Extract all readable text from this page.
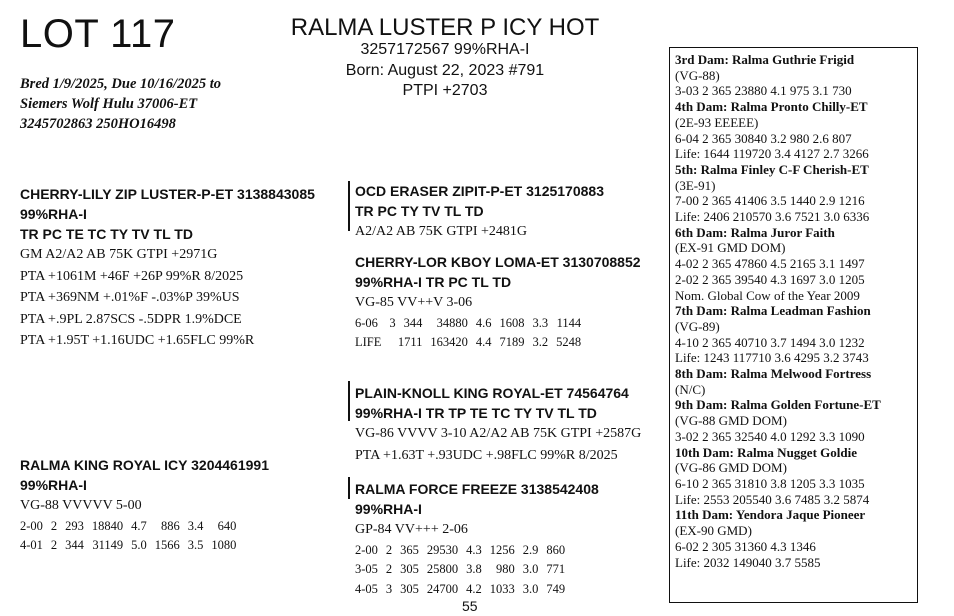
LOT 117	RALMA LUSTER P ICY HOT
3257172567 99%RHA-I
Born: August 22, 2023 #791
PTPI +2703
Bred 1/9/2025, Due 10/16/2025 to
Siemers Wolf Hulu 37006-ET
3245702863 250HO16498
CHERRY-LILY ZIP LUSTER-P-ET 3138843085
99%RHA-I
TR PC TE TC TY TV TL TD
GM A2/A2 AB 75K GTPI +2971G
PTA +1061M +46F +26P 99%R 8/2025
PTA +369NM +.01%F -.03%P 39%US
PTA +.9PL 2.87SCS -.5DPR 1.9%DCE
PTA +1.95T +1.16UDC +1.65FLC 99%R
OCD ERASER ZIPIT-P-ET 3125170883
TR PC TY TV TL TD
A2/A2 AB 75K GTPI +2481G
CHERRY-LOR KBOY LOMA-ET 3130708852
99%RHA-I TR PC TL TD
VG-85 VV++V 3-06
6-06	3	344	34880	4.6	1608	3.3	1144
LIFE	1711		163420	4.4	7189	3.2	5248
PLAIN-KNOLL KING ROYAL-ET 74564764
99%RHA-I TR TP TE TC TY TV TL TD
VG-86 VVVV 3-10 A2/A2 AB 75K GTPI +2587G
PTA +1.63T +.93UDC +.98FLC 99%R 8/2025
RALMA KING ROYAL ICY 3204461991
99%RHA-I
VG-88 VVVVV 5-00
2-00	2	293	18840	4.7	886	3.4	640
4-01	2	344	31149	5.0	1566	3.5	1080
RALMA FORCE FREEZE 3138542408
99%RHA-I
GP-84 VV+++ 2-06
2-00	2	365	29530	4.3	1256	2.9	860
3-05	2	305	25800	3.8	980	3.0	771
4-05	3	305	24700	4.2	1033	3.0	749
3rd Dam: Ralma Guthrie Frigid
(VG-88)
3-03 2 365 23880 4.1 975 3.1 730
4th Dam: Ralma Pronto Chilly-ET
(2E-93 EEEEE)
6-04 2 365 30840 3.2 980 2.6 807
Life: 1644 119720 3.4 4127 2.7 3266
5th: Ralma Finley C-F Cherish-ET
(3E-91)
7-00 2 365 41406 3.5 1440 2.9 1216
Life: 2406 210570 3.6 7521 3.0 6336
6th Dam: Ralma Juror Faith
(EX-91 GMD DOM)
4-02 2 365 47860 4.5 2165 3.1 1497
2-02 2 365 39540 4.3 1697 3.0 1205
Nom. Global Cow of the Year 2009
7th Dam: Ralma Leadman Fashion
(VG-89)
4-10 2 365 40710 3.7 1494 3.0 1232
Life: 1243 117710 3.6 4295 3.2 3743
8th Dam: Ralma Melwood Fortress
(N/C)
9th Dam: Ralma Golden Fortune-ET
(VG-88 GMD DOM)
3-02 2 365 32540 4.0 1292 3.3 1090
10th Dam: Ralma Nugget Goldie
(VG-86 GMD DOM)
6-10 2 365 31810 3.8 1205 3.3 1035
Life: 2553 205540 3.6 7485 3.2 5874
11th Dam: Yendora Jaque Pioneer
(EX-90 GMD)
6-02 2 305 31360 4.3 1346
Life: 2032 149040 3.7 5585
55
